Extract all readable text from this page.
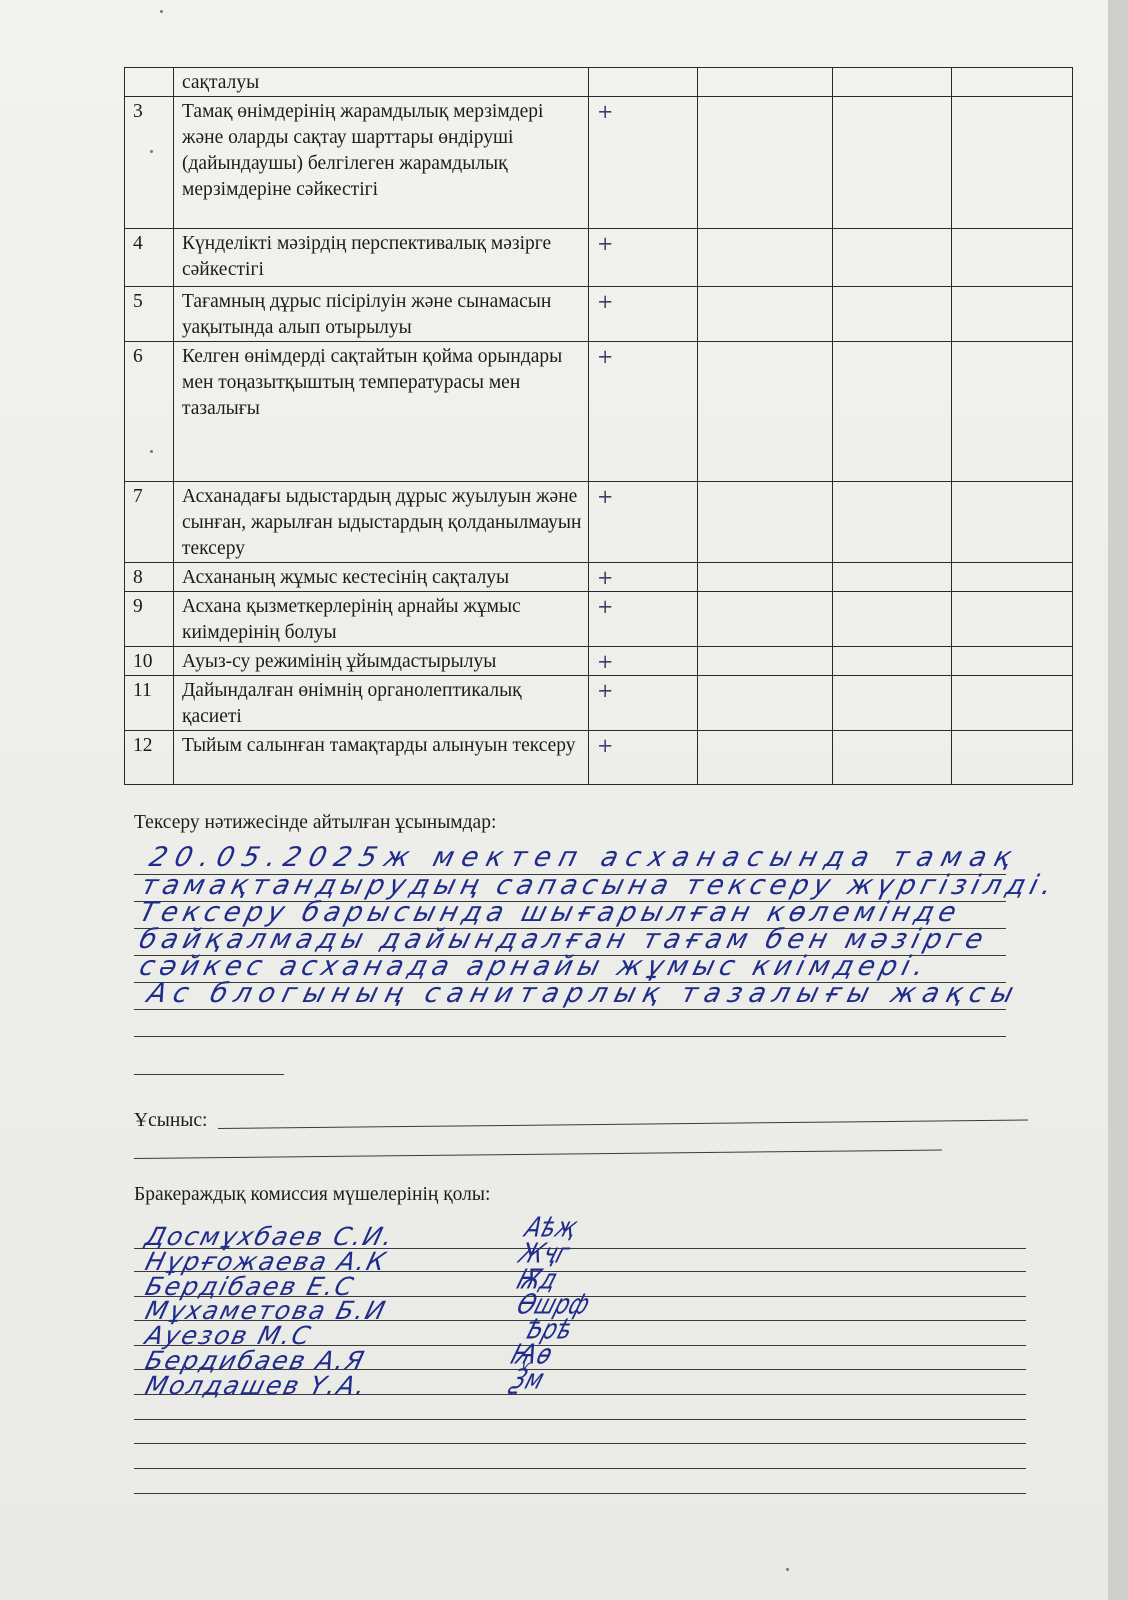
	сақталуы				
3	Тамақ өнімдерінің жарамдылық мерзімдері және оларды сақтау шарттары өндіруші (дайындаушы) белгілеген жарамдылық мерзімдеріне сәйкестігі	+			
4	Күнделікті мәзірдің перспективалық мәзірге сәйкестігі	+			
5	Тағамның дұрыс пісірілуін және сынамасын уақытында алып отырылуы	+			
6	Келген өнімдерді сақтайтын қойма орындары мен тоңазытқыштың температурасы мен тазалығы	+			
7	Асханадағы ыдыстардың дұрыс жуылуын және сынған, жарылған ыдыстардың қолданылмауын тексеру	+			
8	Асхананың жұмыс кестесінің сақталуы	+			
9	Асхана қызметкерлерінің арнайы жұмыс киімдерінің болуы	+			
10	Ауыз-су режимінің ұйымдастырылуы	+			
11	Дайындалған өнімнің органолептикалық қасиеті	+			
12	Тыйым салынған тамақтарды алынуын тексеру	+			
Тексеру нәтижесінде айтылған ұсынымдар:
20.05.2025ж мектеп асханасында тамақ
тамақтандырудың сапасына тексеру жүргізілді.
Тексеру барысында шығарылған көлемінде
байқалмады дайындалған тағам бен мәзірге
сәйкес асханада арнайы жұмыс киімдері.
Ас блогының санитарлық тазалығы жақсы
Ұсыныс:
Бракераждық комиссия мүшелерінің қолы:
Досмұхбаев С.И.	Аѣҗ
Нұрғожаева А.К	Жҷг
Бердібаев Е.С	Ѭд
Мұхаметова Б.И	Ѳшрф
Ауезов М.С	Ѣрѣ
Бердибаев А.Я	Ѩѳ
Молдашев Ү.А.	Ѯм
